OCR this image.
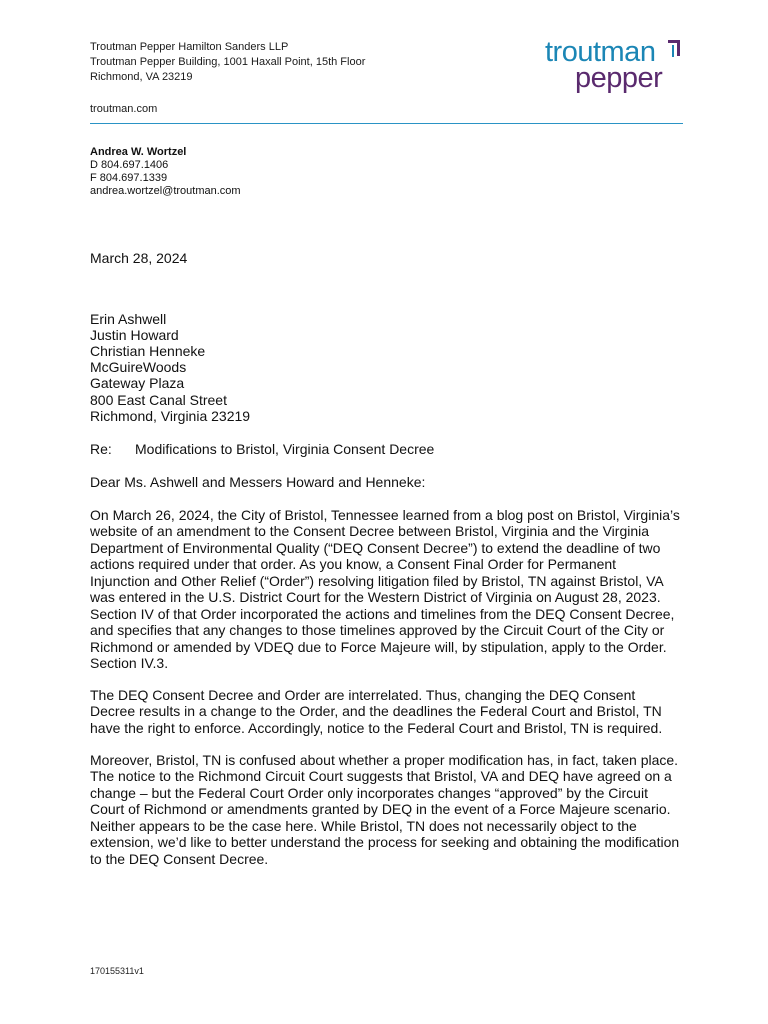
Troutman Pepper Hamilton Sanders LLP
Troutman Pepper Building, 1001 Haxall Point, 15th Floor
Richmond, VA 23219
troutman.com
troutman
pepper
Andrea W. Wortzel
D 804.697.1406
F 804.697.1339
andrea.wortzel@troutman.com
March 28, 2024
Erin Ashwell
Justin Howard
Christian Henneke
McGuireWoods
Gateway Plaza
800 East Canal Street
Richmond, Virginia 23219
Re: Modifications to Bristol, Virginia Consent Decree
Dear Ms. Ashwell and Messers Howard and Henneke:

On March 26, 2024, the City of Bristol, Tennessee learned from a blog post on Bristol, Virginia’s

website of an amendment to the Consent Decree between Bristol, Virginia and the Virginia

Department of Environmental Quality (“DEQ Consent Decree”) to extend the deadline of two

actions required under that order. As you know, a Consent Final Order for Permanent

Injunction and Other Relief (“Order”) resolving litigation filed by Bristol, TN against Bristol, VA

was entered in the U.S. District Court for the Western District of Virginia on August 28, 2023.

Section IV of that Order incorporated the actions and timelines from the DEQ Consent Decree,

and specifies that any changes to those timelines approved by the Circuit Court of the City or

Richmond or amended by VDEQ due to Force Majeure will, by stipulation, apply to the Order.

Section IV.3.

The DEQ Consent Decree and Order are interrelated. Thus, changing the DEQ Consent

Decree results in a change to the Order, and the deadlines the Federal Court and Bristol, TN

have the right to enforce. Accordingly, notice to the Federal Court and Bristol, TN is required.

Moreover, Bristol, TN is confused about whether a proper modification has, in fact, taken place.

The notice to the Richmond Circuit Court suggests that Bristol, VA and DEQ have agreed on a

change – but the Federal Court Order only incorporates changes “approved” by the Circuit

Court of Richmond or amendments granted by DEQ in the event of a Force Majeure scenario.

Neither appears to be the case here. While Bristol, TN does not necessarily object to the

extension, we’d like to better understand the process for seeking and obtaining the modification

to the DEQ Consent Decree.

170155311v1
